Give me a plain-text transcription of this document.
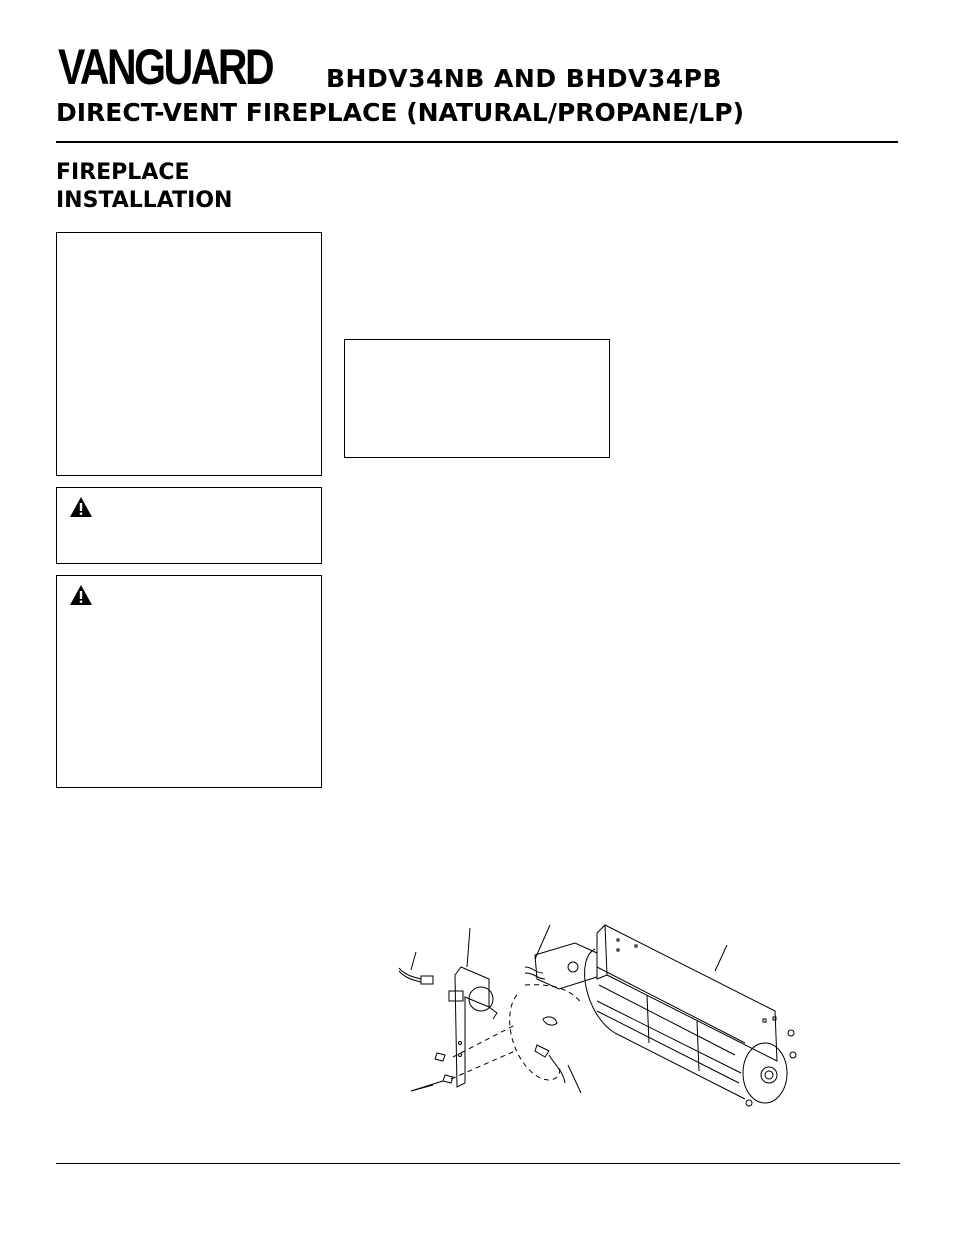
VANGUARD BHDV34NB AND BHDV34PB
DIRECT-VENT FIREPLACE (NATURAL/PROPANE/LP)
FIREPLACE
INSTALLATION
